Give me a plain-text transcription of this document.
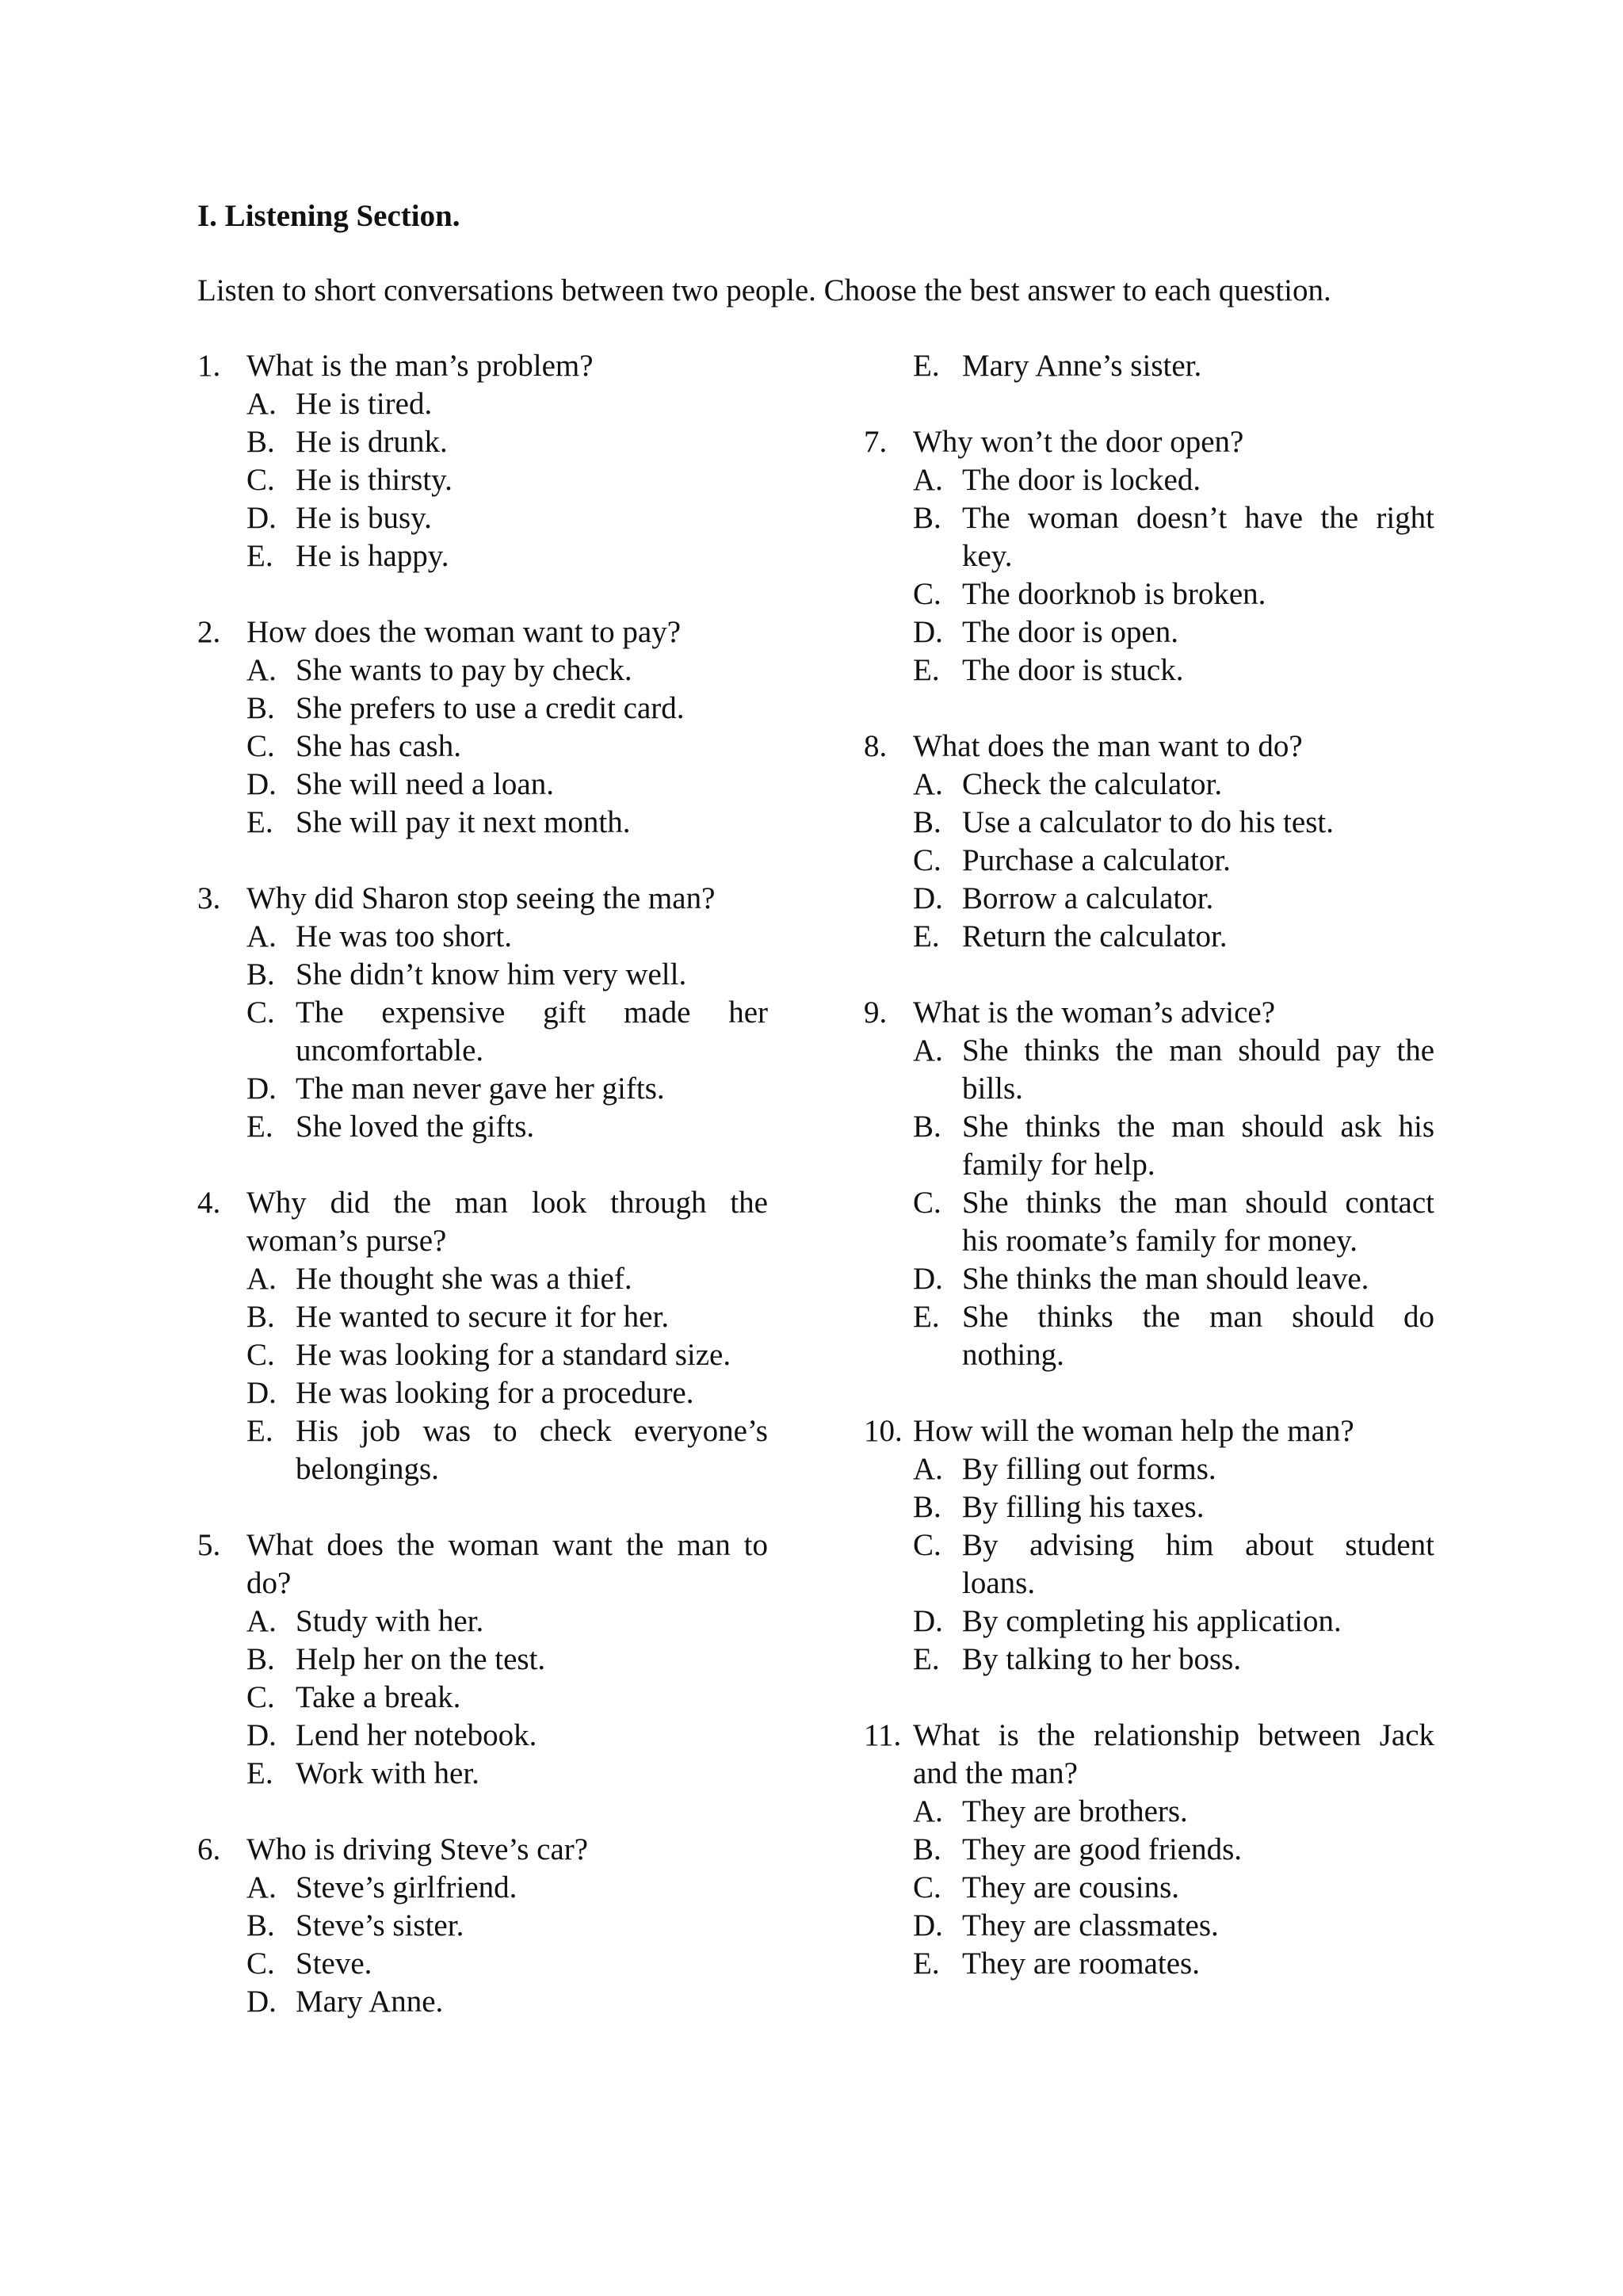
I. Listening Section.

Listen to short conversations between two people. Choose the best answer to each question.

1. What is the man’s problem?
A. He is tired.
B. He is drunk.
C. He is thirsty.
D. He is busy.
E. He is happy.
2. How does the woman want to pay?
A. She wants to pay by check.
B. She prefers to use a credit card.
C. She has cash.
D. She will need a loan.
E. She will pay it next month.
3. Why did Sharon stop seeing the man?
A. He was too short.
B. She didn’t know him very well.
C. The expensive gift made her
uncomfortable.
D. The man never gave her gifts.
E. She loved the gifts.
4. Why did the man look through the
woman’s purse?
A. He thought she was a thief.
B. He wanted to secure it for her.
C. He was looking for a standard size.
D. He was looking for a procedure.
E. His job was to check everyone’s
belongings.
5. What does the woman want the man to
do?
A. Study with her.
B. Help her on the test.
C. Take a break.
D. Lend her notebook.
E. Work with her.
6. Who is driving Steve’s car?
A. Steve’s girlfriend.
B. Steve’s sister.
C. Steve.
D. Mary Anne.
E. Mary Anne’s sister.
7. Why won’t the door open?
A. The door is locked.
B. The woman doesn’t have the right
key.
C. The doorknob is broken.
D. The door is open.
E. The door is stuck.
8. What does the man want to do?
A. Check the calculator.
B. Use a calculator to do his test.
C. Purchase a calculator.
D. Borrow a calculator.
E. Return the calculator.
9. What is the woman’s advice?
A. She thinks the man should pay the
bills.
B. She thinks the man should ask his
family for help.
C. She thinks the man should contact
his roomate’s family for money.
D. She thinks the man should leave.
E. She thinks the man should do
nothing.
10. How will the woman help the man?
A. By filling out forms.
B. By filling his taxes.
C. By advising him about student
loans.
D. By completing his application.
E. By talking to her boss.
11. What is the relationship between Jack
and the man?
A. They are brothers.
B. They are good friends.
C. They are cousins.
D. They are classmates.
E. They are roomates.
